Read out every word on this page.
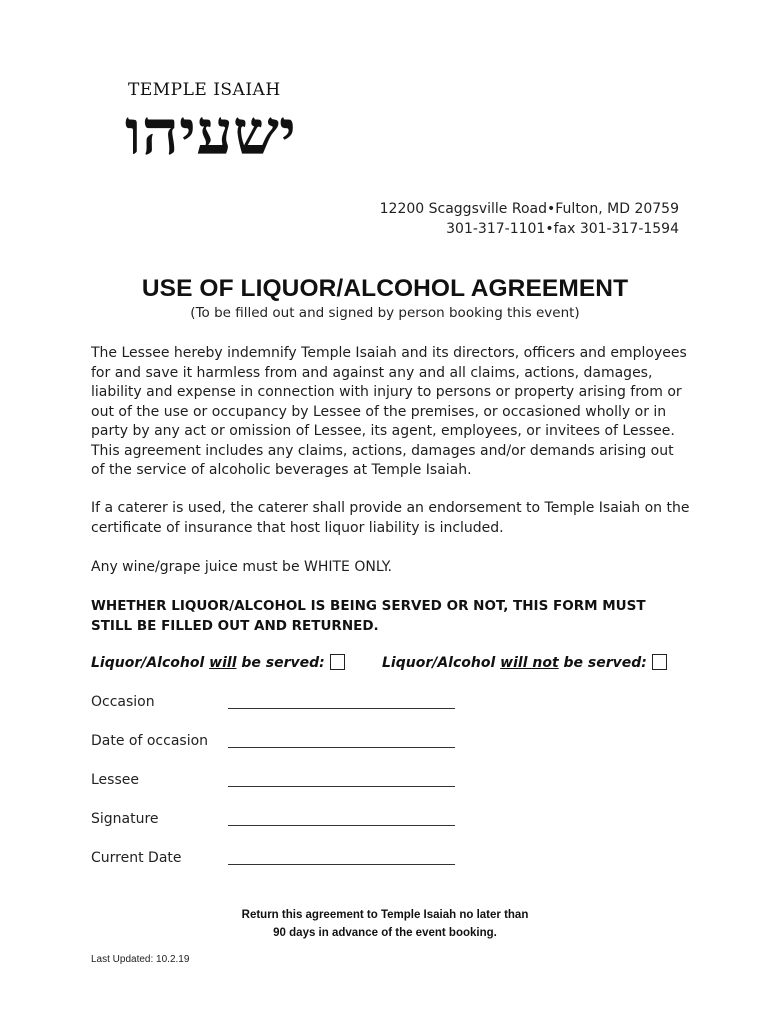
TEMPLE ISAIAH
ישעיהו
12200 Scaggsville Road•Fulton, MD 20759
301-317-1101•fax 301-317-1594
USE OF LIQUOR/ALCOHOL AGREEMENT
(To be filled out and signed by person booking this event)
The Lessee hereby indemnify Temple Isaiah and its directors, officers and employees for and save it harmless from and against any and all claims, actions, damages, liability and expense in connection with injury to persons or property arising from or out of the use or occupancy by Lessee of the premises, or occasioned wholly or in party by any act or omission of Lessee, its agent, employees, or invitees of Lessee. This agreement includes any claims, actions, damages and/or demands arising out of the service of alcoholic beverages at Temple Isaiah.
If a caterer is used, the caterer shall provide an endorsement to Temple Isaiah on the certificate of insurance that host liquor liability is included.
Any wine/grape juice must be WHITE ONLY.
WHETHER LIQUOR/ALCOHOL IS BEING SERVED OR NOT, THIS FORM MUST STILL BE FILLED OUT AND RETURNED.
Liquor/Alcohol will be served:	Liquor/Alcohol will not be served:
Occasion
Date of occasion
Lessee
Signature
Current Date
Return this agreement to Temple Isaiah no later than
90 days in advance of the event booking.
Last Updated: 10.2.19
